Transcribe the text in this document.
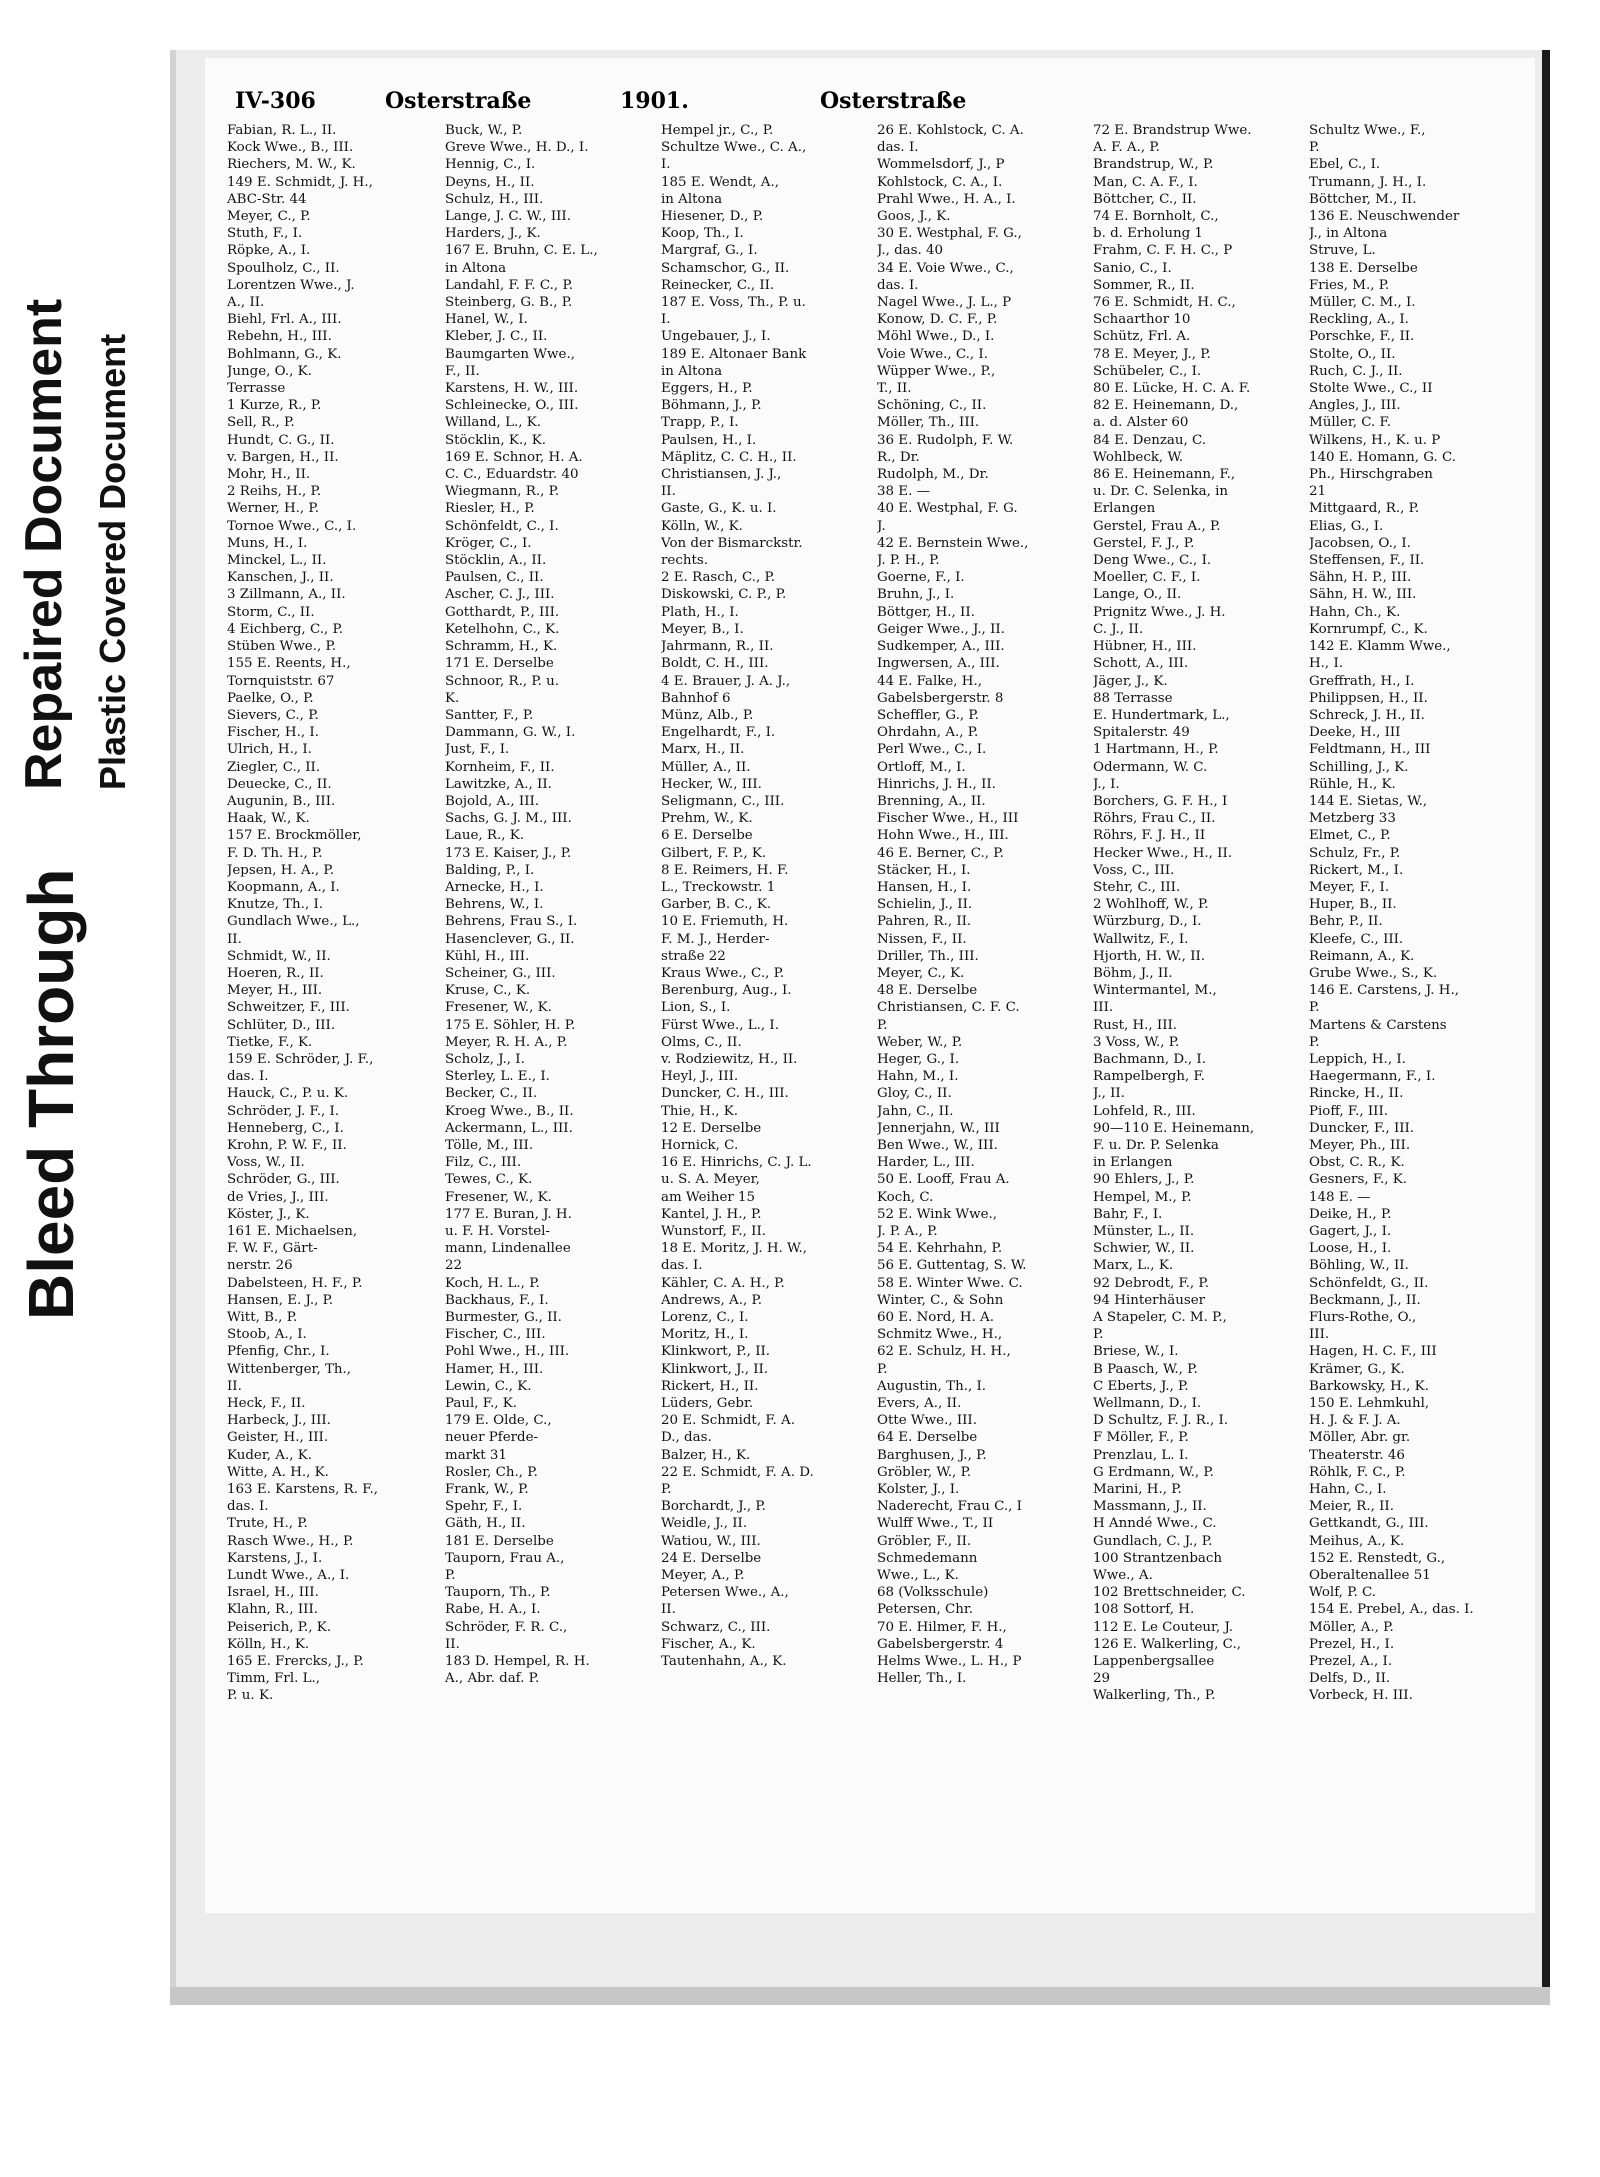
Bleed Through
Repaired Document Plastic Covered Document
IV-306	Osterstraße	1901.	Osterstraße
Fabian, R. L., II.
Kock Wwe., B., III.
Riechers, M. W., K.
149 E. Schmidt, J. H.,
ABC-Str. 44
Meyer, C., P.
Stuth, F., I.
Röpke, A., I.
Spoulholz, C., II.
Lorentzen Wwe., J.
A., II.
Biehl, Frl. A., III.
Rebehn, H., III.
Bohlmann, G., K.
Junge, O., K.
Terrasse
1 Kurze, R., P.
Sell, R., P.
Hundt, C. G., II.
v. Bargen, H., II.
Mohr, H., II.
2 Reihs, H., P.
Werner, H., P.
Tornoe Wwe., C., I.
Muns, H., I.
Minckel, L., II.
Kanschen, J., II.
3 Zillmann, A., II.
Storm, C., II.
4 Eichberg, C., P.
Stüben Wwe., P.
155 E. Reents, H.,
Tornquiststr. 67
Paelke, O., P.
Sievers, C., P.
Fischer, H., I.
Ulrich, H., I.
Ziegler, C., II.
Deuecke, C., II.
Augunin, B., III.
Haak, W., K.
157 E. Brockmöller,
F. D. Th. H., P.
Jepsen, H. A., P.
Koopmann, A., I.
Knutze, Th., I.
Gundlach Wwe., L.,
II.
Schmidt, W., II.
Hoeren, R., II.
Meyer, H., III.
Schweitzer, F., III.
Schlüter, D., III.
Tietke, F., K.
159 E. Schröder, J. F.,
das. I.
Hauck, C., P. u. K.
Schröder, J. F., I.
Henneberg, C., I.
Krohn, P. W. F., II.
Voss, W., II.
Schröder, G., III.
de Vries, J., III.
Köster, J., K.
161 E. Michaelsen,
F. W. F., Gärt-
nerstr. 26
Dabelsteen, H. F., P.
Hansen, E. J., P.
Witt, B., P.
Stoob, A., I.
Pfenfig, Chr., I.
Wittenberger, Th.,
II.
Heck, F., II.
Harbeck, J., III.
Geister, H., III.
Kuder, A., K.
Witte, A. H., K.
163 E. Karstens, R. F.,
das. I.
Trute, H., P.
Rasch Wwe., H., P.
Karstens, J., I.
Lundt Wwe., A., I.
Israel, H., III.
Klahn, R., III.
Peiserich, P., K.
Kölln, H., K.
165 E. Frercks, J., P.
Timm, Frl. L.,
P. u. K.
Buck, W., P.
Greve Wwe., H. D., I.
Hennig, C., I.
Deyns, H., II.
Schulz, H., III.
Lange, J. C. W., III.
Harders, J., K.
167 E. Bruhn, C. E. L.,
in Altona
Landahl, F. F. C., P.
Steinberg, G. B., P.
Hanel, W., I.
Kleber, J. C., II.
Baumgarten Wwe.,
F., II.
Karstens, H. W., III.
Schleinecke, O., III.
Willand, L., K.
Stöcklin, K., K.
169 E. Schnor, H. A.
C. C., Eduardstr. 40
Wiegmann, R., P.
Riesler, H., P.
Schönfeldt, C., I.
Kröger, C., I.
Stöcklin, A., II.
Paulsen, C., II.
Ascher, C. J., III.
Gotthardt, P., III.
Ketelhohn, C., K.
Schramm, H., K.
171 E. Derselbe
Schnoor, R., P. u.
K.
Santter, F., P.
Dammann, G. W., I.
Just, F., I.
Kornheim, F., II.
Lawitzke, A., II.
Bojold, A., III.
Sachs, G. J. M., III.
Laue, R., K.
173 E. Kaiser, J., P.
Balding, P., I.
Arnecke, H., I.
Behrens, W., I.
Behrens, Frau S., I.
Hasenclever, G., II.
Kühl, H., III.
Scheiner, G., III.
Kruse, C., K.
Fresener, W., K.
175 E. Söhler, H. P.
Meyer, R. H. A., P.
Scholz, J., I.
Sterley, L. E., I.
Becker, C., II.
Kroeg Wwe., B., II.
Ackermann, L., III.
Tölle, M., III.
Filz, C., III.
Tewes, C., K.
Fresener, W., K.
177 E. Buran, J. H.
u. F. H. Vorstel-
mann, Lindenallee
22
Koch, H. L., P.
Backhaus, F., I.
Burmester, G., II.
Fischer, C., III.
Pohl Wwe., H., III.
Hamer, H., III.
Lewin, C., K.
Paul, F., K.
179 E. Olde, C.,
neuer Pferde-
markt 31
Rosler, Ch., P.
Frank, W., P.
Spehr, F., I.
Gäth, H., II.
181 E. Derselbe
Tauporn, Frau A.,
P.
Tauporn, Th., P.
Rabe, H. A., I.
Schröder, F. R. C.,
II.
183 D. Hempel, R. H.
A., Abr. daf. P.
Hempel jr., C., P.
Schultze Wwe., C. A.,
I.
185 E. Wendt, A.,
in Altona
Hiesener, D., P.
Koop, Th., I.
Margraf, G., I.
Schamschor, G., II.
Reinecker, C., II.
187 E. Voss, Th., P. u.
I.
Ungebauer, J., I.
189 E. Altonaer Bank
in Altona
Eggers, H., P.
Böhmann, J., P.
Trapp, P., I.
Paulsen, H., I.
Mäplitz, C. C. H., II.
Christiansen, J. J.,
II.
Gaste, G., K. u. I.
Kölln, W., K.
Von der Bismarckstr.
rechts.
2 E. Rasch, C., P.
Diskowski, C. P., P.
Plath, H., I.
Meyer, B., I.
Jahrmann, R., II.
Boldt, C. H., III.
4 E. Brauer, J. A. J.,
Bahnhof 6
Münz, Alb., P.
Engelhardt, F., I.
Marx, H., II.
Müller, A., II.
Hecker, W., III.
Seligmann, C., III.
Prehm, W., K.
6 E. Derselbe
Gilbert, F. P., K.
8 E. Reimers, H. F.
L., Treckowstr. 1
Garber, B. C., K.
10 E. Friemuth, H.
F. M. J., Herder-
straße 22
Kraus Wwe., C., P.
Berenburg, Aug., I.
Lion, S., I.
Fürst Wwe., L., I.
Olms, C., II.
v. Rodziewitz, H., II.
Heyl, J., III.
Duncker, C. H., III.
Thie, H., K.
12 E. Derselbe
Hornick, C.
16 E. Hinrichs, C. J. L.
u. S. A. Meyer,
am Weiher 15
Kantel, J. H., P.
Wunstorf, F., II.
18 E. Moritz, J. H. W.,
das. I.
Kähler, C. A. H., P.
Andrews, A., P.
Lorenz, C., I.
Moritz, H., I.
Klinkwort, P., II.
Klinkwort, J., II.
Rickert, H., II.
Lüders, Gebr.
20 E. Schmidt, F. A.
D., das.
Balzer, H., K.
22 E. Schmidt, F. A. D.
P.
Borchardt, J., P.
Weidle, J., II.
Watiou, W., III.
24 E. Derselbe
Meyer, A., P.
Petersen Wwe., A.,
II.
Schwarz, C., III.
Fischer, A., K.
Tautenhahn, A., K.
26 E. Kohlstock, C. A.
das. I.
Wommelsdorf, J., P
Kohlstock, C. A., I.
Prahl Wwe., H. A., I.
Goos, J., K.
30 E. Westphal, F. G.,
J., das. 40
34 E. Voie Wwe., C.,
das. I.
Nagel Wwe., J. L., P
Konow, D. C. F., P.
Möhl Wwe., D., I.
Voie Wwe., C., I.
Wüpper Wwe., P.,
T., II.
Schöning, C., II.
Möller, Th., III.
36 E. Rudolph, F. W.
R., Dr.
Rudolph, M., Dr.
38 E. —
40 E. Westphal, F. G.
J.
42 E. Bernstein Wwe.,
J. P. H., P.
Goerne, F., I.
Bruhn, J., I.
Böttger, H., II.
Geiger Wwe., J., II.
Sudkemper, A., III.
Ingwersen, A., III.
44 E. Falke, H.,
Gabelsbergerstr. 8
Scheffler, G., P.
Ohrdahn, A., P.
Perl Wwe., C., I.
Ortloff, M., I.
Hinrichs, J. H., II.
Brenning, A., II.
Fischer Wwe., H., III
Hohn Wwe., H., III.
46 E. Berner, C., P.
Stäcker, H., I.
Hansen, H., I.
Schielin, J., II.
Pahren, R., II.
Nissen, F., II.
Driller, Th., III.
Meyer, C., K.
48 E. Derselbe
Christiansen, C. F. C.
P.
Weber, W., P.
Heger, G., I.
Hahn, M., I.
Gloy, C., II.
Jahn, C., II.
Jennerjahn, W., III
Ben Wwe., W., III.
Harder, L., III.
50 E. Looff, Frau A.
Koch, C.
52 E. Wink Wwe.,
J. P. A., P.
54 E. Kehrhahn, P.
56 E. Guttentag, S. W.
58 E. Winter Wwe. C.
Winter, C., & Sohn
60 E. Nord, H. A.
Schmitz Wwe., H.,
62 E. Schulz, H. H.,
P.
Augustin, Th., I.
Evers, A., II.
Otte Wwe., III.
64 E. Derselbe
Barghusen, J., P.
Gröbler, W., P.
Kolster, J., I.
Naderecht, Frau C., I
Wulff Wwe., T., II
Gröbler, F., II.
Schmedemann
Wwe., L., K.
68 (Volksschule)
Petersen, Chr.
70 E. Hilmer, F. H.,
Gabelsbergerstr. 4
Helms Wwe., L. H., P
Heller, Th., I.
72 E. Brandstrup Wwe.
A. F. A., P.
Brandstrup, W., P.
Man, C. A. F., I.
Böttcher, C., II.
74 E. Bornholt, C.,
b. d. Erholung 1
Frahm, C. F. H. C., P
Sanio, C., I.
Sommer, R., II.
76 E. Schmidt, H. C.,
Schaarthor 10
Schütz, Frl. A.
78 E. Meyer, J., P.
Schübeler, C., I.
80 E. Lücke, H. C. A. F.
82 E. Heinemann, D.,
a. d. Alster 60
84 E. Denzau, C.
Wohlbeck, W.
86 E. Heinemann, F.,
u. Dr. C. Selenka, in
Erlangen
Gerstel, Frau A., P.
Gerstel, F. J., P.
Deng Wwe., C., I.
Moeller, C. F., I.
Lange, O., II.
Prignitz Wwe., J. H.
C. J., II.
Hübner, H., III.
Schott, A., III.
Jäger, J., K.
88 Terrasse
E. Hundertmark, L.,
Spitalerstr. 49
1 Hartmann, H., P.
Odermann, W. C.
J., I.
Borchers, G. F. H., I
Röhrs, Frau C., II.
Röhrs, F. J. H., II
Hecker Wwe., H., II.
Voss, C., III.
Stehr, C., III.
2 Wohlhoff, W., P.
Würzburg, D., I.
Wallwitz, F., I.
Hjorth, H. W., II.
Böhm, J., II.
Wintermantel, M.,
III.
Rust, H., III.
3 Voss, W., P.
Bachmann, D., I.
Rampelbergh, F.
J., II.
Lohfeld, R., III.
90—110 E. Heinemann,
F. u. Dr. P. Selenka
in Erlangen
90 Ehlers, J., P.
Hempel, M., P.
Bahr, F., I.
Münster, L., II.
Schwier, W., II.
Marx, L., K.
92 Debrodt, F., P.
94 Hinterhäuser
A Stapeler, C. M. P.,
P.
Briese, W., I.
B Paasch, W., P.
C Eberts, J., P.
Wellmann, D., I.
D Schultz, F. J. R., I.
F Möller, F., P.
Prenzlau, L. I.
G Erdmann, W., P.
Marini, H., P.
Massmann, J., II.
H Anndé Wwe., C.
Gundlach, C. J., P.
100 Strantzenbach
Wwe., A.
102 Brettschneider, C.
108 Sottorf, H.
112 E. Le Couteur, J.
126 E. Walkerling, C.,
Lappenbergsallee
29
Walkerling, Th., P.
Schultz Wwe., F.,
P.
Ebel, C., I.
Trumann, J. H., I.
Böttcher, M., II.
136 E. Neuschwender
J., in Altona
Struve, L.
138 E. Derselbe
Fries, M., P.
Müller, C. M., I.
Reckling, A., I.
Porschke, F., II.
Stolte, O., II.
Ruch, C. J., II.
Stolte Wwe., C., II
Angles, J., III.
Müller, C. F.
Wilkens, H., K. u. P
140 E. Homann, G. C.
Ph., Hirschgraben
21
Mittgaard, R., P.
Elias, G., I.
Jacobsen, O., I.
Steffensen, F., II.
Sähn, H. P., III.
Sähn, H. W., III.
Hahn, Ch., K.
Kornrumpf, C., K.
142 E. Klamm Wwe.,
H., I.
Greffrath, H., I.
Philippsen, H., II.
Schreck, J. H., II.
Deeke, H., III
Feldtmann, H., III
Schilling, J., K.
Rühle, H., K.
144 E. Sietas, W.,
Metzberg 33
Elmet, C., P.
Schulz, Fr., P.
Rickert, M., I.
Meyer, F., I.
Huper, B., II.
Behr, P., II.
Kleefe, C., III.
Reimann, A., K.
Grube Wwe., S., K.
146 E. Carstens, J. H.,
P.
Martens & Carstens
P.
Leppich, H., I.
Haegermann, F., I.
Rincke, H., II.
Pioff, F., III.
Duncker, F., III.
Meyer, Ph., III.
Obst, C. R., K.
Gesners, F., K.
148 E. —
Deike, H., P.
Gagert, J., I.
Loose, H., I.
Böhling, W., II.
Schönfeldt, G., II.
Beckmann, J., II.
Flurs-Rothe, O.,
III.
Hagen, H. C. F., III
Krämer, G., K.
Barkowsky, H., K.
150 E. Lehmkuhl,
H. J. & F. J. A.
Möller, Abr. gr.
Theaterstr. 46
Röhlk, F. C., P.
Hahn, C., I.
Meier, R., II.
Gettkandt, G., III.
Meihus, A., K.
152 E. Renstedt, G.,
Oberaltenallee 51
Wolf, P. C.
154 E. Prebel, A., das. I.
Möller, A., P.
Prezel, H., I.
Prezel, A., I.
Delfs, D., II.
Vorbeck, H. III.
